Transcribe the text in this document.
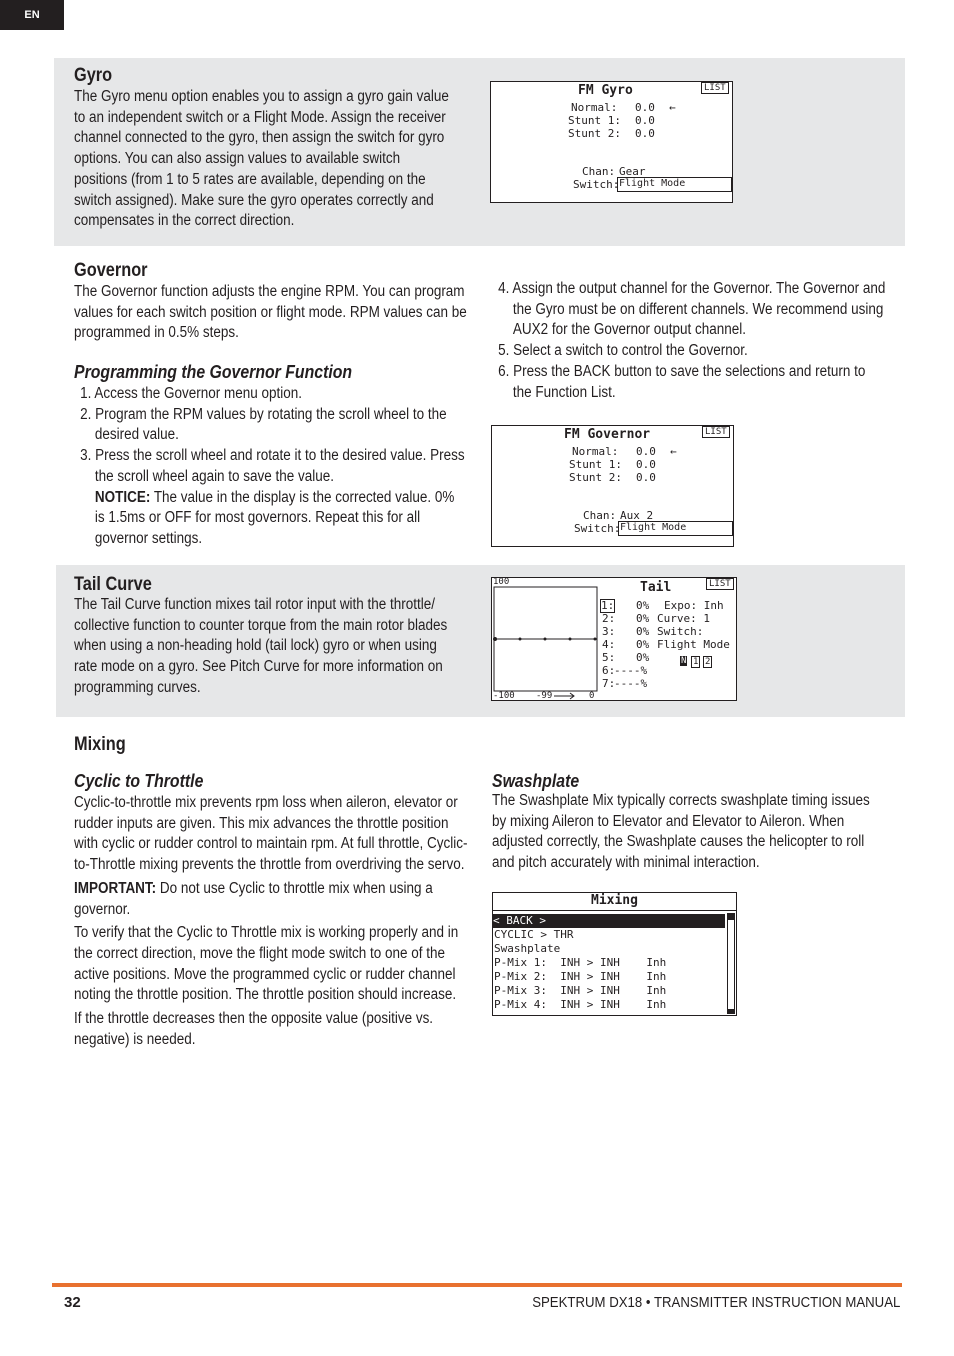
EN
Gyro

The Gyro menu option enables you to assign a gyro gain value to an independent switch or a Flight Mode. Assign the receiver channel connected to the gyro, then assign the switch for gyro options. You can also assign values to available switch positions (from 1 to 5 rates are available, depending on the switch assigned). Make sure the gyro operates correctly and compensates in the correct direction.

FM Gyro	LIST
Normal: 0.0 ←
Stunt 1: 0.0
Stunt 2: 0.0
Chan: Gear
Switch: Flight Mode
Governor

The Governor function adjusts the engine RPM. You can program values for each switch position or flight mode. RPM values can be programmed in 0.5% steps.

Programming the Governor Function
1. Access the Governor menu option.
2. Program the RPM values by rotating the scroll wheel to the desired value.
3. Press the scroll wheel and rotate it to the desired value. Press the scroll wheel again to save the value.
NOTICE: The value in the display is the corrected value. 0% is 1.5ms or OFF for most governors. Repeat this for all governor settings.
4. Assign the output channel for the Governor. The Governor and the Gyro must be on different channels. We recommend using AUX2 for the Governor output channel.
5. Select a switch to control the Governor.
6. Press the BACK button to save the selections and return to the Function List.
FM Governor	LIST
Normal: 0.0 ←
Stunt 1: 0.0
Stunt 2: 0.0
Chan: Aux 2
Switch: Flight Mode
Tail Curve

The Tail Curve function mixes tail rotor input with the throttle/ collective function to counter torque from the main rotor blades when using a non-heading hold (tail lock) gyro or when using rate mode on a gyro. See Pitch Curve for more information on programming curves.

100
-100 -99	0
Tail	LIST
1: 0%
2: 0%
3: 0%
4: 0%
5: 0%
6:
----%
7:
----%
Expo: Inh
Curve: 1
Switch:
Flight Mode
N 1 2
Mixing
Cyclic to Throttle

Cyclic-to-throttle mix prevents rpm loss when aileron, elevator or rudder inputs are given. This mix advances the throttle position with cyclic or rudder control to maintain rpm. At full throttle, Cyclic-to-Throttle mixing prevents the throttle from overdriving the servo.

IMPORTANT: Do not use Cyclic to throttle mix when using a governor.

To verify that the Cyclic to Throttle mix is working properly and in the correct direction, move the flight mode switch to one of the active positions. Move the programmed cyclic or rudder channel noting the throttle position. The throttle position should increase.

If the throttle decreases then the opposite value (positive vs. negative) is needed.

Swashplate

The Swashplate Mix typically corrects swashplate timing issues by mixing Aileron to Elevator and Elevator to Aileron. When adjusted correctly, the Swashplate causes the helicopter to roll and pitch accurately with minimal interaction.

Mixing
< BACK >
CYCLIC > THR
Swashplate
P-Mix 1:  INH > INH    Inh
P-Mix 2:  INH > INH    Inh
P-Mix 3:  INH > INH    Inh
P-Mix 4:  INH > INH    Inh
32	SPEKTRUM DX18 • TRANSMITTER INSTRUCTION MANUAL
